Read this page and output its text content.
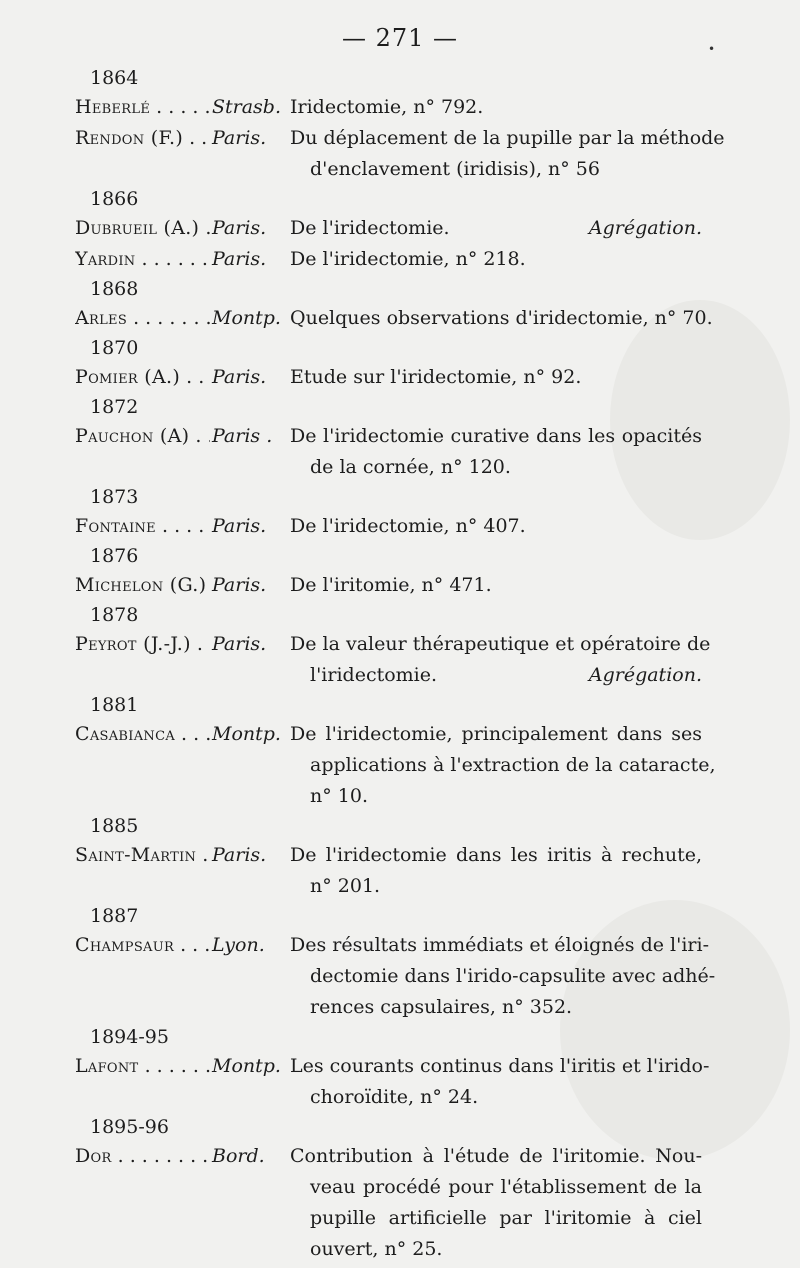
— 271 —	•
1864
Heberlé . . .	Strasb. Iridectomie, n° 792.
Rendon (F.) . . .	Paris.	Du déplacement de la pupille par la méthode
d'enclavement (iridisis), n° 56
1866
Dubrueil (A.) . . . Paris.	De l'iridectomie.	Agrégation.
Yardin . . .	Paris.	De l'iridectomie, n° 218.
1868
Arles . . .	Montp. Quelques observations d'iridectomie, n° 70.
1870
Pomier (A.) . . .	Paris.	Etude sur l'iridectomie, n° 92.
1872
Pauchon (A) . . .	Paris . De l'iridectomie curative dans les opacités
de la cornée, n° 120.
1873
Fontaine . . .	Paris.	De l'iridectomie, n° 407.
1876
Michelon (G.) . . . Paris.	De l'iritomie, n° 471.
1878
Peyrot (J.-J.) . . .	Paris.	De la valeur thérapeutique et opératoire de
l'iridectomie.	Agrégation.
1881
Casabianca . . .	Montp. De l'iridectomie, principalement dans ses
applications à l'extraction de la cataracte,
n° 10.
1885
Saint-Martin . . . Paris.	De l'iridectomie dans les iritis à rechute,
n° 201.
1887
Champsaur . . .	Lyon.	Des résultats immédiats et éloignés de l'iri-
dectomie dans l'irido-capsulite avec adhé-
rences capsulaires, n° 352.
1894-95
Lafont . . .	Montp. Les courants continus dans l'iritis et l'irido-
choroïdite, n° 24.
1895-96
Dor . . .	Bord.	Contribution à l'étude de l'iritomie. Nou-
veau procédé pour l'établissement de la
pupille artificielle par l'iritomie à ciel
ouvert, n° 25.
